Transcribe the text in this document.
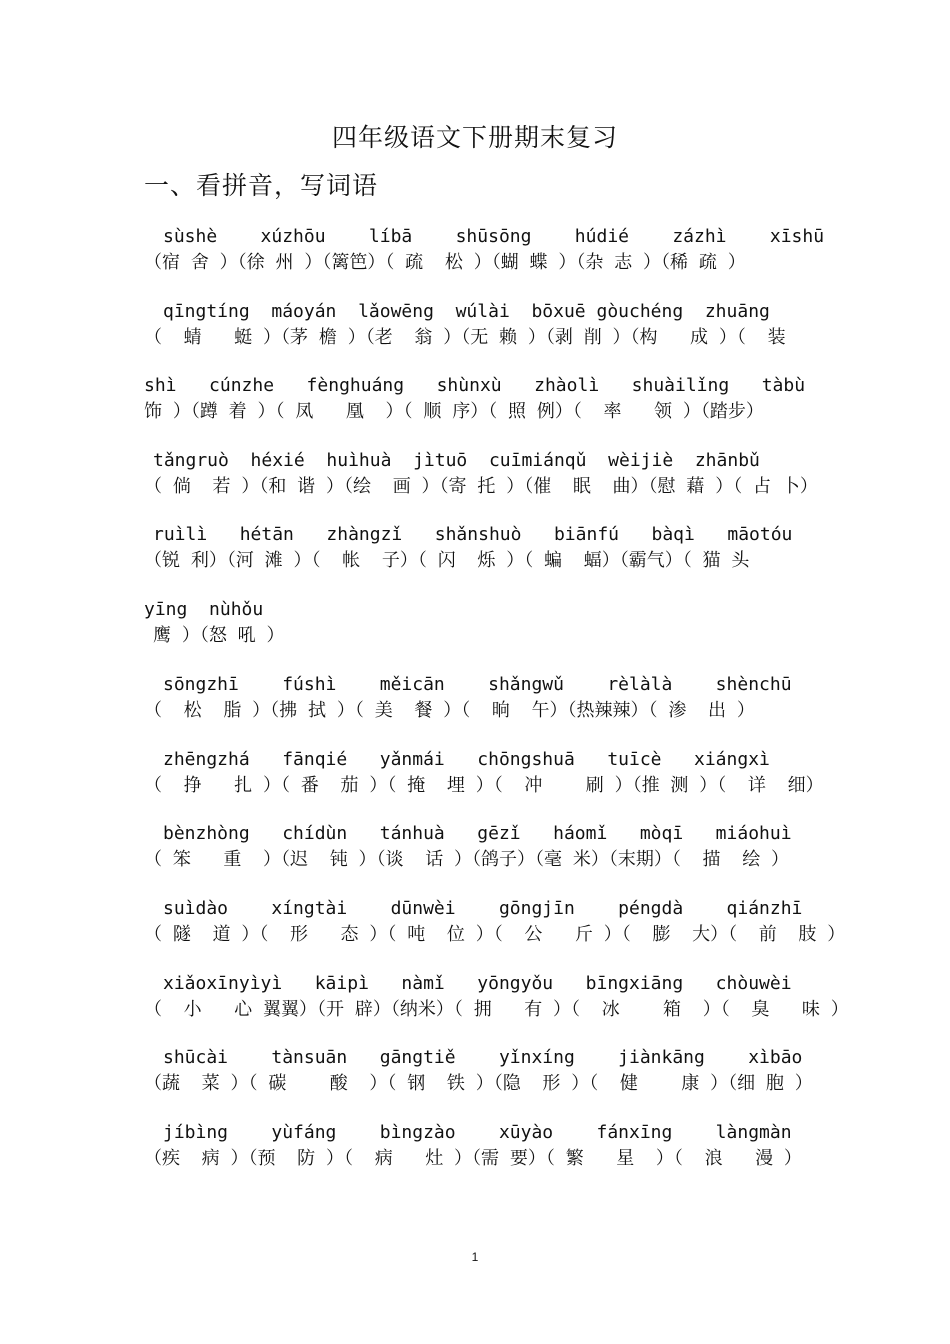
四年级语文下册期末复习
一、看拼音，写词语
sùshè    xúzhōu    líbā    shūsōng    húdié    zázhì    xīshū
（宿 舍 ）（徐 州 ）（篱笆）（ 疏  松 ）（蝴 蝶 ）（杂 志 ）（稀 疏 ）
qīngtíng  máoyán  lǎowēng  wúlài  bōxuē gòuchéng  zhuāng
（  蜻   蜓 ）（茅 檐 ）（老  翁 ）（无 赖 ）（剥 削 ）（构   成 ）（  装
shì   cúnzhe   fènghuáng   shùnxù   zhàolì   shuàilǐng   tàbù
饰 ）（蹲 着 ）（ 凤   凰  ）（ 顺 序）（ 照 例）（  率   领 ）（踏步）
tǎngruò  héxié  huìhuà  jìtuō  cuīmiánqǔ  wèijiè  zhānbǔ
（ 倘  若 ）（和 谐 ）（绘  画 ）（寄 托 ）（催  眠  曲）（慰 藉 ）（ 占 卜）
ruìlì   hétān   zhàngzǐ   shǎnshuò   biānfú   bàqì   māotóu
（锐 利）（河 滩 ）（  帐  子）（ 闪  烁 ）（ 蝙  蝠）（霸气）（ 猫 头
yīng  nùhǒu
鹰 ）（怒 吼 ）
sōngzhī    fúshì    měicān    shǎngwǔ    rèlàlà    shènchū
（  松  脂 ）（拂 拭 ）（ 美  餐 ）（  晌  午）（热辣辣）（ 渗  出 ）
zhēngzhá   fānqié   yǎnmái   chōngshuā   tuīcè   xiángxì
（  挣   扎 ）（ 番  茄 ）（ 掩  埋 ）（  冲    刷 ）（推 测 ）（  详  细）
bènzhòng   chídùn   tánhuà   gēzǐ   háomǐ   mòqī   miáohuì
（ 笨   重  ）（迟  钝 ）（谈  话 ）（鸽子）（毫 米）（末期）（  描  绘 ）
suìdào    xíngtài    dūnwèi    gōngjīn    péngdà    qiánzhī
（ 隧  道 ）（  形   态 ）（ 吨  位 ）（  公   斤 ）（  膨  大）（  前  肢 ）
xiǎoxīnyìyì   kāipì   nàmǐ   yōngyǒu   bīngxiāng   chòuwèi
（  小   心 翼翼）（开 辟）（纳米）（ 拥   有 ）（  冰    箱  ）（  臭   味 ）
shūcài    tànsuān   gāngtiě    yǐnxíng    jiànkāng    xìbāo
（蔬  菜 ）（ 碳    酸  ）（ 钢  铁 ）（隐  形 ）（  健    康 ）（细 胞 ）
jíbìng    yùfáng    bìngzào    xūyào    fánxīng    làngmàn
（疾  病 ）（预  防 ）（  病   灶 ）（需 要）（ 繁   星  ）（  浪   漫 ）
1
